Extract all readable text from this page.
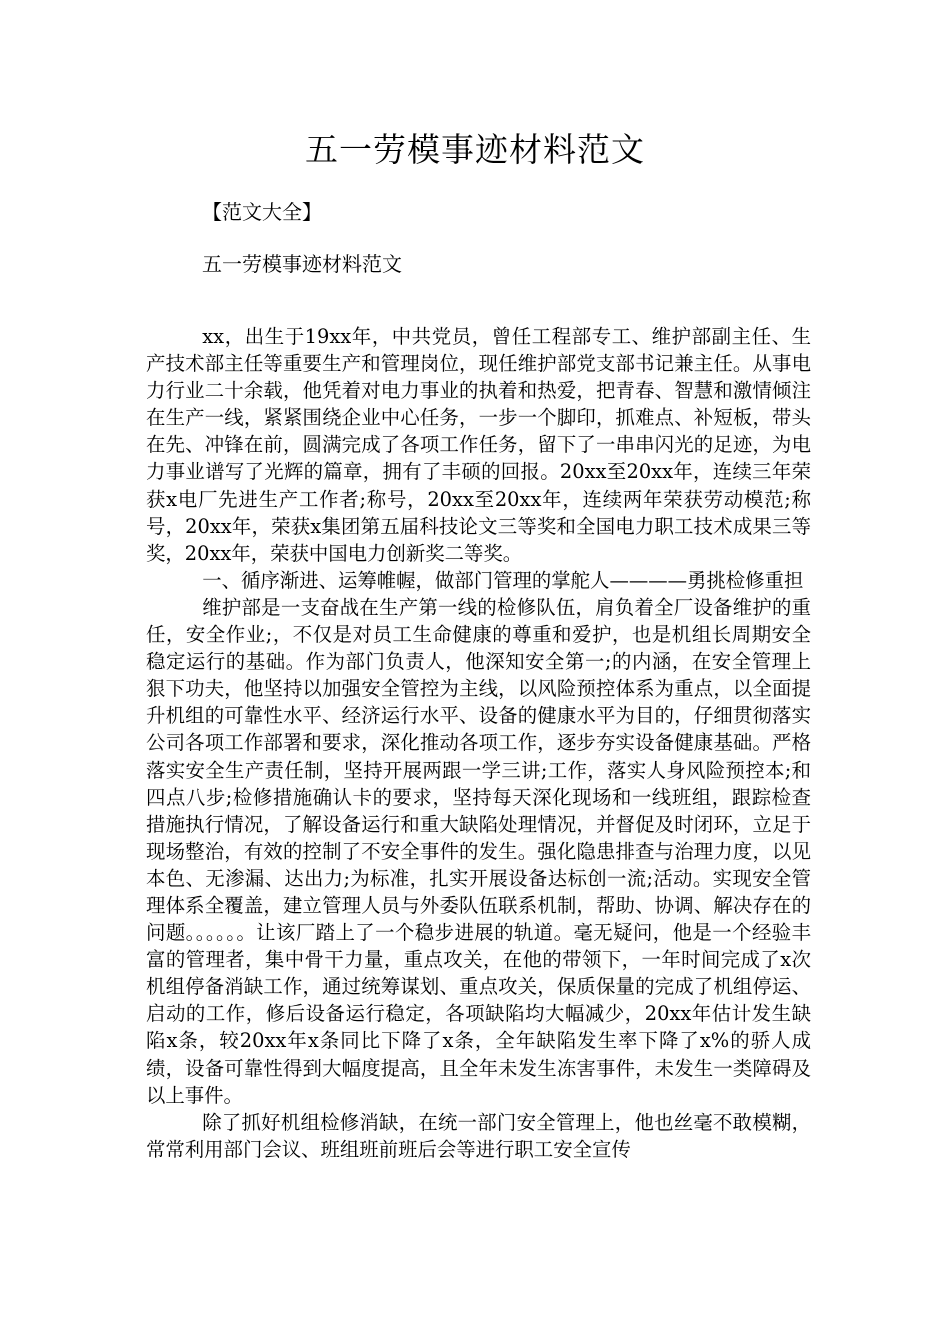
五一劳模事迹材料范文
【范文大全】
五一劳模事迹材料范文

xx，出生于19xx年，中共党员，曾任工程部专工、维护部副主任、生产技术部主任等重要生产和管理岗位，现任维护部党支部书记兼主任。从事电力行业二十余载，他凭着对电力事业的执着和热爱，把青春、智慧和激情倾注在生产一线，紧紧围绕企业中心任务，一步一个脚印，抓难点、补短板，带头在先、冲锋在前，圆满完成了各项工作任务，留下了一串串闪光的足迹，为电力事业谱写了光辉的篇章，拥有了丰硕的回报。20xx至20xx年，连续三年荣获x电厂先进生产工作者;称号，20xx至20xx年，连续两年荣获劳动模范;称号，20xx年，荣获x集团第五届科技论文三等奖和全国电力职工技术成果三等奖，20xx年，荣获中国电力创新奖二等奖。

一、循序渐进、运筹帷幄，做部门管理的掌舵人————勇挑检修重担

维护部是一支奋战在生产第一线的检修队伍，肩负着全厂设备维护的重任，安全作业;，不仅是对员工生命健康的尊重和爱护，也是机组长周期安全稳定运行的基础。作为部门负责人，他深知安全第一;的内涵，在安全管理上狠下功夫，他坚持以加强安全管控为主线，以风险预控体系为重点，以全面提升机组的可靠性水平、经济运行水平、设备的健康水平为目的，仔细贯彻落实公司各项工作部署和要求，深化推动各项工作，逐步夯实设备健康基础。严格落实安全生产责任制，坚持开展两跟一学三讲;工作，落实人身风险预控本;和四点八步;检修措施确认卡的要求，坚持每天深化现场和一线班组，跟踪检查措施执行情况，了解设备运行和重大缺陷处理情况，并督促及时闭环，立足于现场整治，有效的控制了不安全事件的发生。强化隐患排查与治理力度，以见本色、无渗漏、达出力;为标准，扎实开展设备达标创一流;活动。实现安全管理体系全覆盖，建立管理人员与外委队伍联系机制，帮助、协调、解决存在的问题。。。。。。让该厂踏上了一个稳步进展的轨道。毫无疑问，他是一个经验丰富的管理者，集中骨干力量，重点攻关，在他的带领下，一年时间完成了x次机组停备消缺工作，通过统筹谋划、重点攻关，保质保量的完成了机组停运、启动的工作，修后设备运行稳定，各项缺陷均大幅减少，20xx年估计发生缺陷x条，较20xx年x条同比下降了x条，全年缺陷发生率下降了x%的骄人成绩，设备可靠性得到大幅度提高，且全年未发生冻害事件，未发生一类障碍及以上事件。

除了抓好机组检修消缺，在统一部门安全管理上，他也丝毫不敢模糊，常常利用部门会议、班组班前班后会等进行职工安全宣传
